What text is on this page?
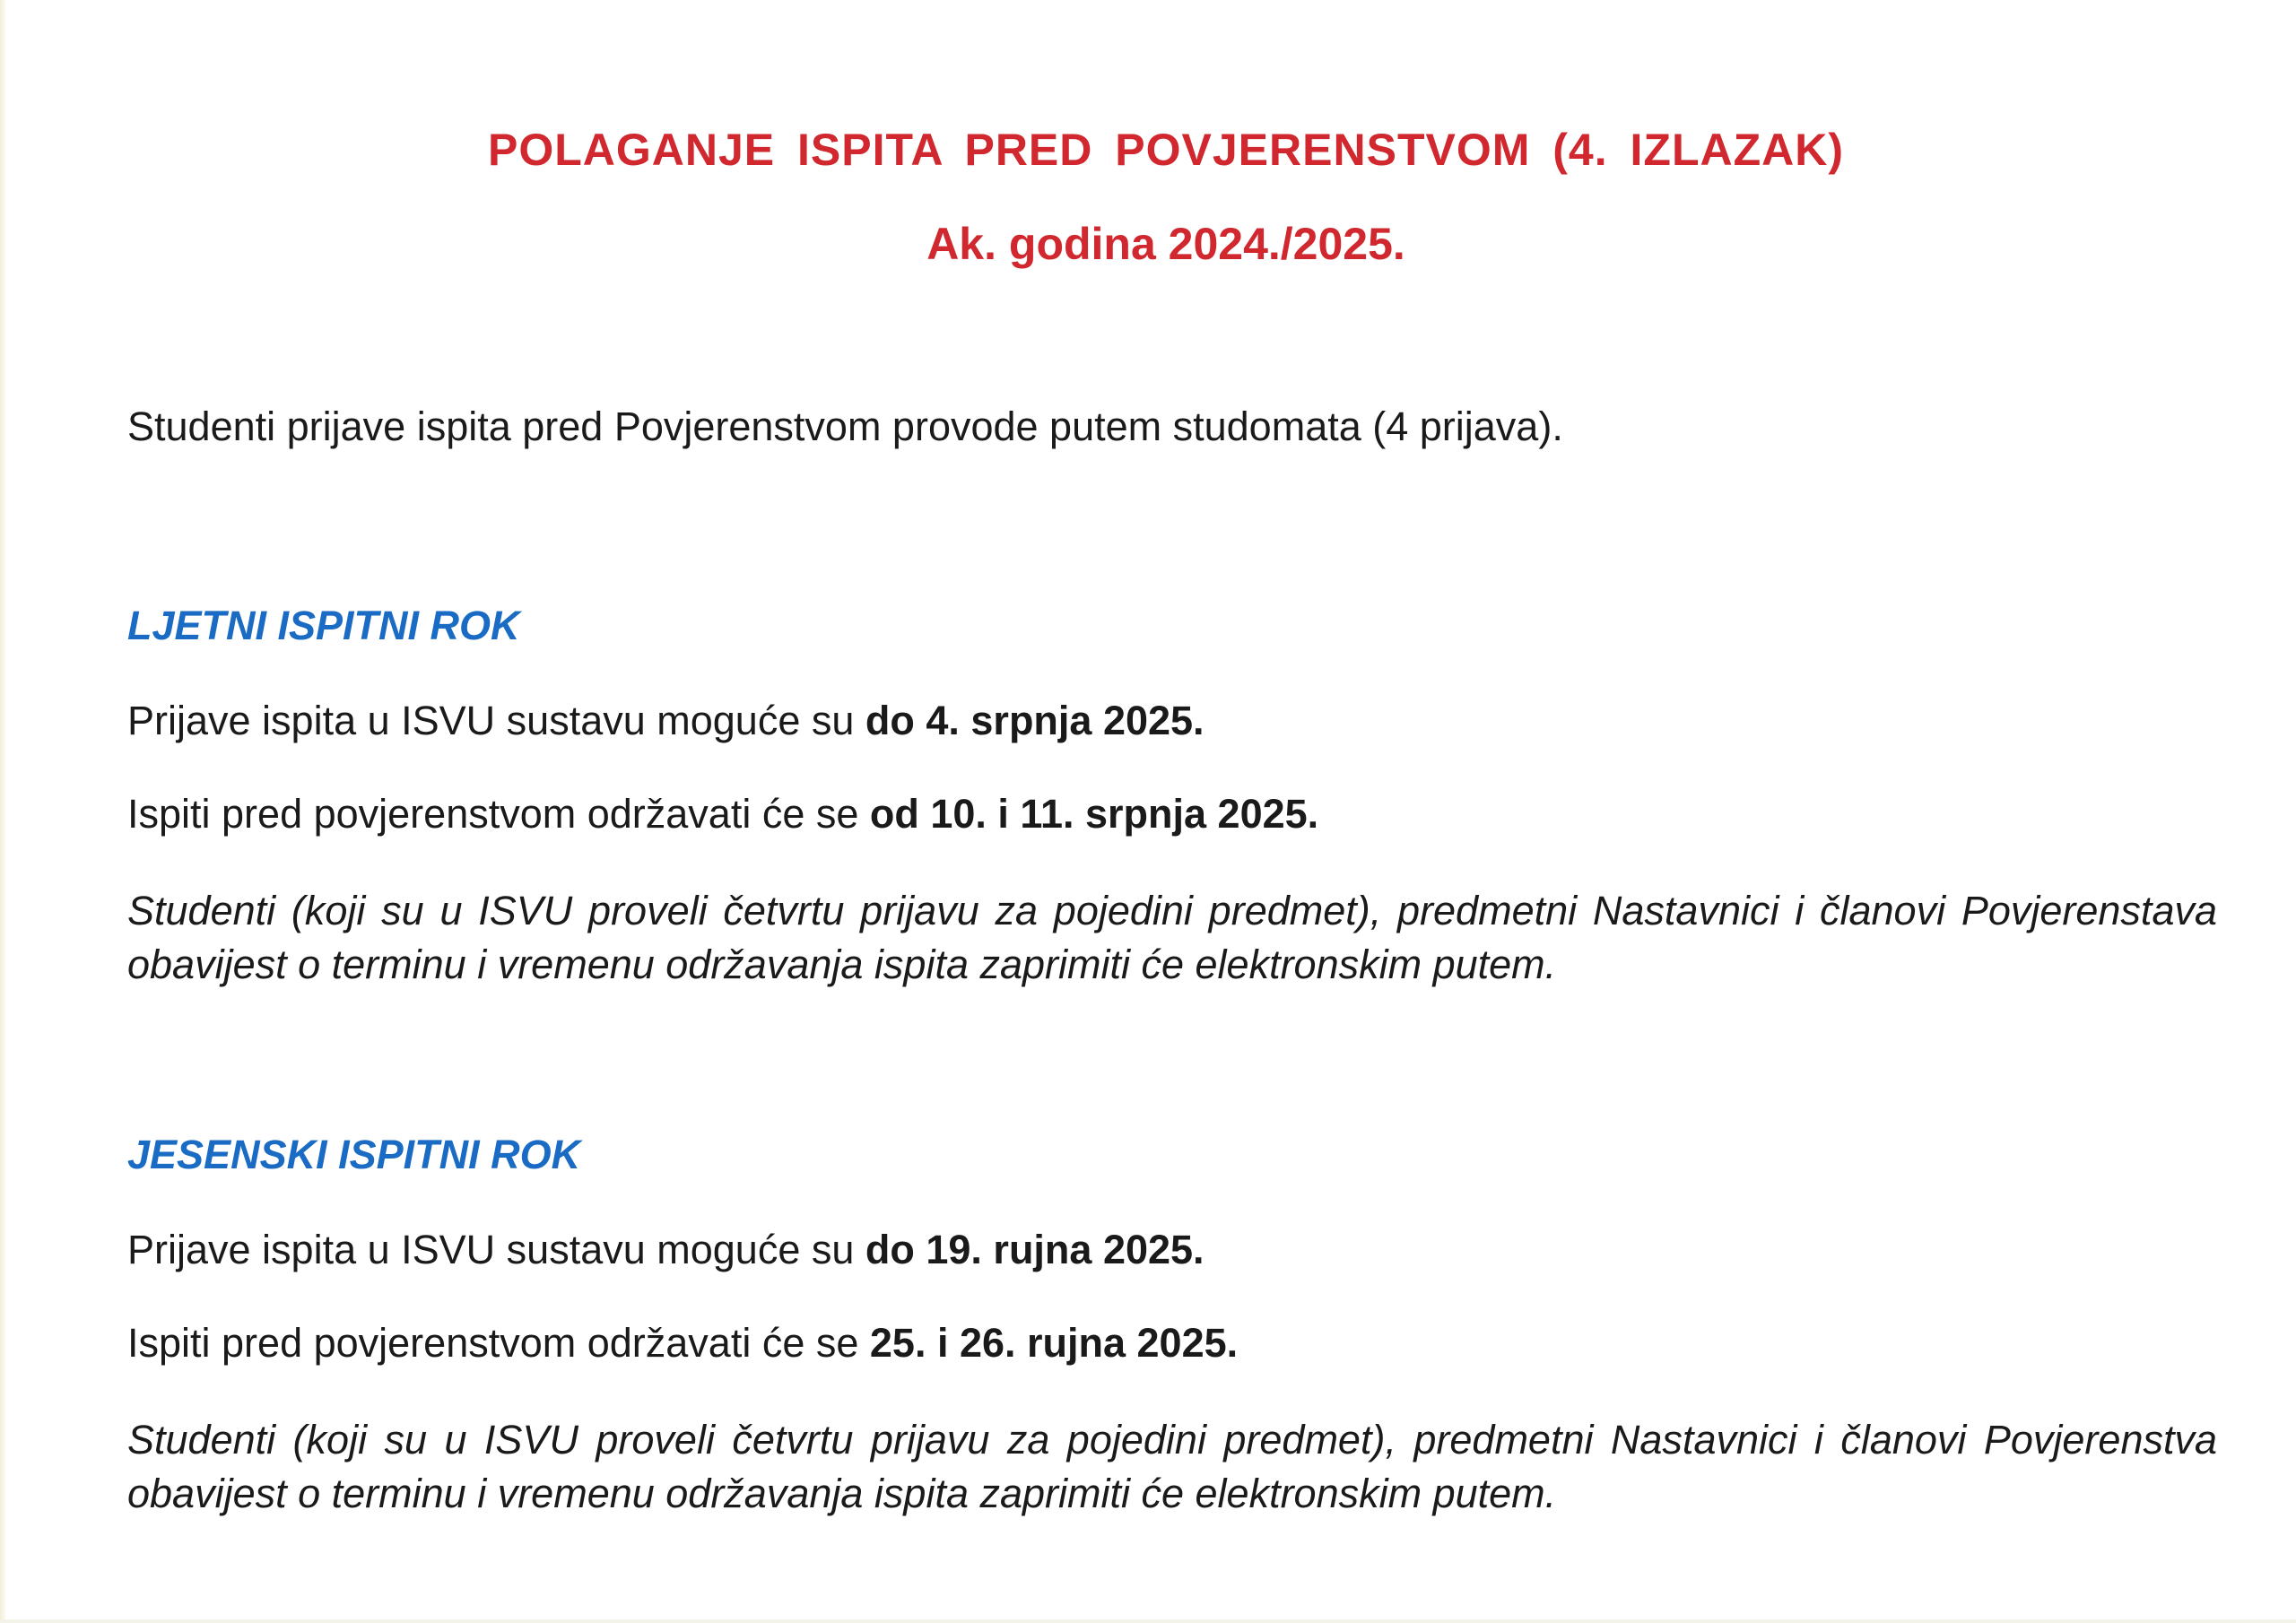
POLAGANJE ISPITA PRED POVJERENSTVOM (4. IZLAZAK)
Ak. godina 2024./2025.
Studenti prijave ispita pred Povjerenstvom provode putem studomata (4 prijava).
LJETNI ISPITNI ROK
Prijave ispita u ISVU sustavu moguće su do 4. srpnja 2025.
Ispiti pred povjerenstvom održavati će se od 10. i 11. srpnja 2025.
Studenti (koji su u ISVU proveli četvrtu prijavu za pojedini predmet), predmetni Nastavnici i članovi Povjerenstava obavijest o terminu i vremenu održavanja ispita zaprimiti će elektronskim putem.
JESENSKI ISPITNI ROK
Prijave ispita u ISVU sustavu moguće su do 19. rujna 2025.
Ispiti pred povjerenstvom održavati će se 25. i 26. rujna 2025.
Studenti (koji su u ISVU proveli četvrtu prijavu za pojedini predmet), predmetni Nastavnici i članovi Povjerenstva obavijest o terminu i vremenu održavanja ispita zaprimiti će elektronskim putem.
